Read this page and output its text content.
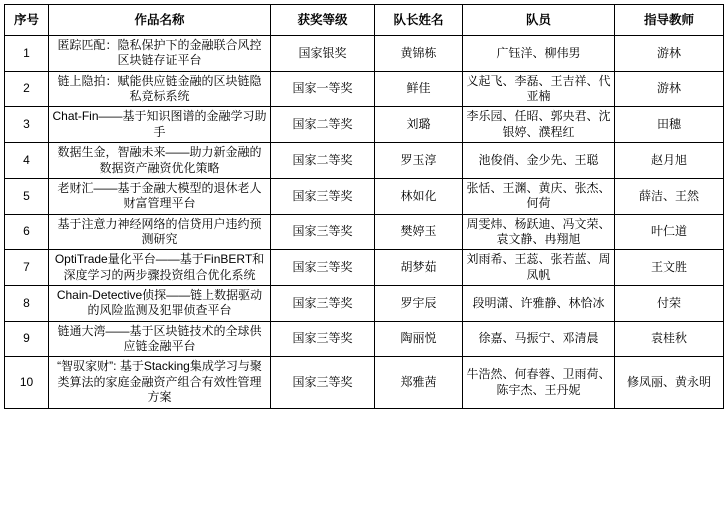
序号	作品名称	获奖等级	队长姓名	队员	指导教师
1	匿踪匹配：隐私保护下的金融联合风控区块链存证平台	国家银奖	黄锦栋	广钰洋、柳伟男	游林
2	链上隐拍：赋能供应链金融的区块链隐私竞标系统	国家一等奖	鲜佳	义起飞、李磊、王吉祥、代亚楠	游林
3	Chat-Fin——基于知识图谱的金融学习助手	国家二等奖	刘璐	李乐园、任昭、郭央君、沈银婷、濮程红	田穗
4	数据生金，智融未来——助力新金融的数据资产融资优化策略	国家二等奖	罗玉淳	池俊俏、金少先、王聪	赵月旭
5	老财汇——基于金融大模型的退休老人财富管理平台	国家三等奖	林如化	张恬、王渊、黄庆、张杰、何荷	薛洁、王然
6	基于注意力神经网络的信贷用户违约预测研究	国家三等奖	樊婷玉	周雯炜、杨跃迪、冯文荣、袁文静、冉翔旭	叶仁道
7	OptiTrade量化平台——基于FinBERT和深度学习的两步骤投资组合优化系统	国家三等奖	胡梦茹	刘雨希、王蕊、张若蓝、周凤帆	王文胜
8	Chain-Detective侦探——链上数据驱动的风险监测及犯罪侦查平台	国家三等奖	罗宇辰	段明潇、许雅静、林恰冰	付荣
9	链通大湾——基于区块链技术的全球供应链金融平台	国家三等奖	陶丽悦	徐嘉、马振宁、邓清晨	袁桂秋
10	“智驭家财”: 基于Stacking集成学习与聚类算法的家庭金融资产组合有效性管理方案	国家三等奖	郑雅茜	牛浩然、何春蓉、卫雨荷、陈宇杰、王丹妮	修凤丽、黄永明
